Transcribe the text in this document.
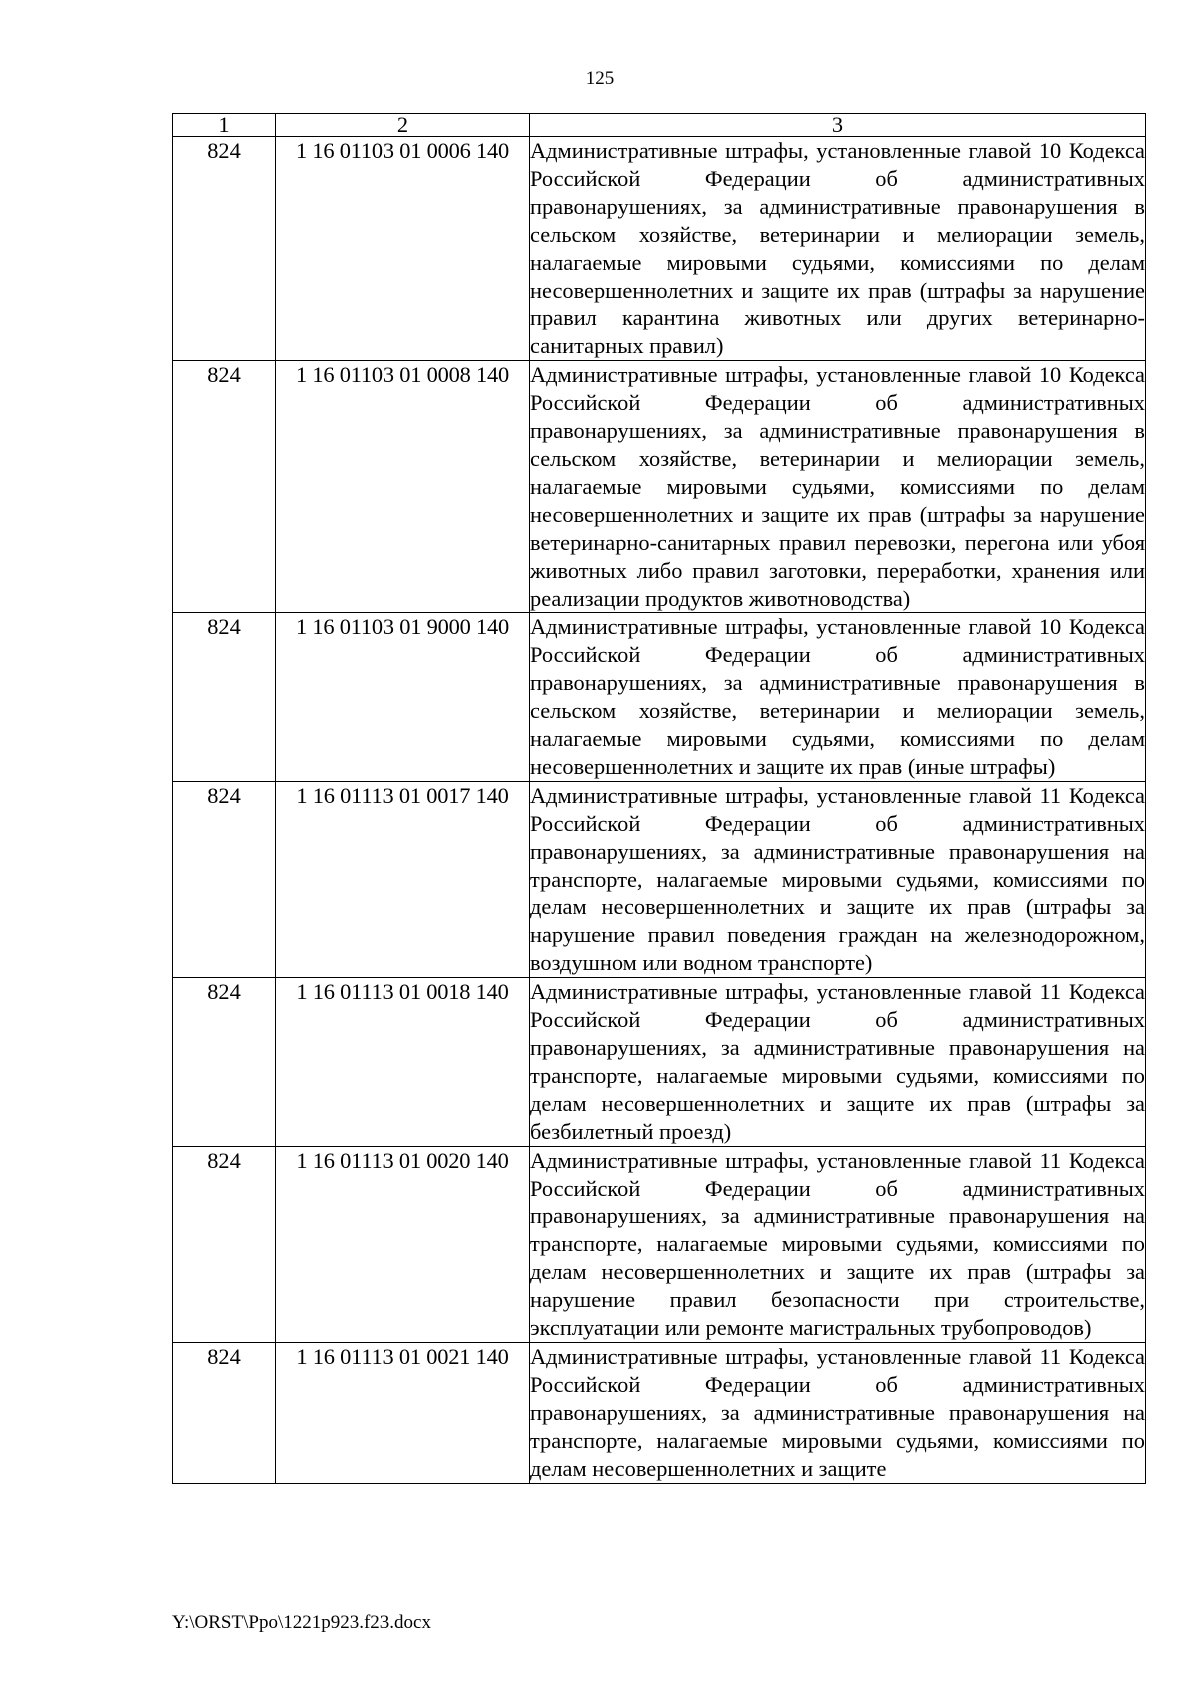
125
1	2	3
824	1 16 01103 01 0006 140	Административные штрафы, установленные главой 10 Кодекса Российской Федерации об административных правонарушениях, за административные правонарушения в сельском хозяйстве, ветеринарии и мелиорации земель, налагаемые мировыми судьями, комиссиями по делам несовершеннолетних и защите их прав (штрафы за нарушение правил карантина животных или других ветеринарно-санитарных правил)
824	1 16 01103 01 0008 140	Административные штрафы, установленные главой 10 Кодекса Российской Федерации об административных правонарушениях, за административные правонарушения в сельском хозяйстве, ветеринарии и мелиорации земель, налагаемые мировыми судьями, комиссиями по делам несовершеннолетних и защите их прав (штрафы за нарушение ветеринарно-санитарных правил перевозки, перегона или убоя животных либо правил заготовки, переработки, хранения или реализации продуктов животноводства)
824	1 16 01103 01 9000 140	Административные штрафы, установленные главой 10 Кодекса Российской Федерации об административных правонарушениях, за административные правонарушения в сельском хозяйстве, ветеринарии и мелиорации земель, налагаемые мировыми судьями, комиссиями по делам несовершеннолетних и защите их прав (иные штрафы)
824	1 16 01113 01 0017 140	Административные штрафы, установленные главой 11 Кодекса Российской Федерации об административных правонарушениях, за административные правонарушения на транспорте, налагаемые мировыми судьями, комиссиями по делам несовершеннолетних и защите их прав (штрафы за нарушение правил поведения граждан на железнодорожном, воздушном или водном транспорте)
824	1 16 01113 01 0018 140	Административные штрафы, установленные главой 11 Кодекса Российской Федерации об административных правонарушениях, за административные правонарушения на транспорте, налагаемые мировыми судьями, комиссиями по делам несовершеннолетних и защите их прав (штрафы за безбилетный проезд)
824	1 16 01113 01 0020 140	Административные штрафы, установленные главой 11 Кодекса Российской Федерации об административных правонарушениях, за административные правонарушения на транспорте, налагаемые мировыми судьями, комиссиями по делам несовершеннолетних и защите их прав (штрафы за нарушение правил безопасности при строительстве, эксплуатации или ремонте магистральных трубопроводов)
824	1 16 01113 01 0021 140	Административные штрафы, установленные главой 11 Кодекса Российской Федерации об административных правонарушениях, за административные правонарушения на транспорте, налагаемые мировыми судьями, комиссиями по делам несовершеннолетних и защите
Y:\ORST\Ppo\1221p923.f23.docx
